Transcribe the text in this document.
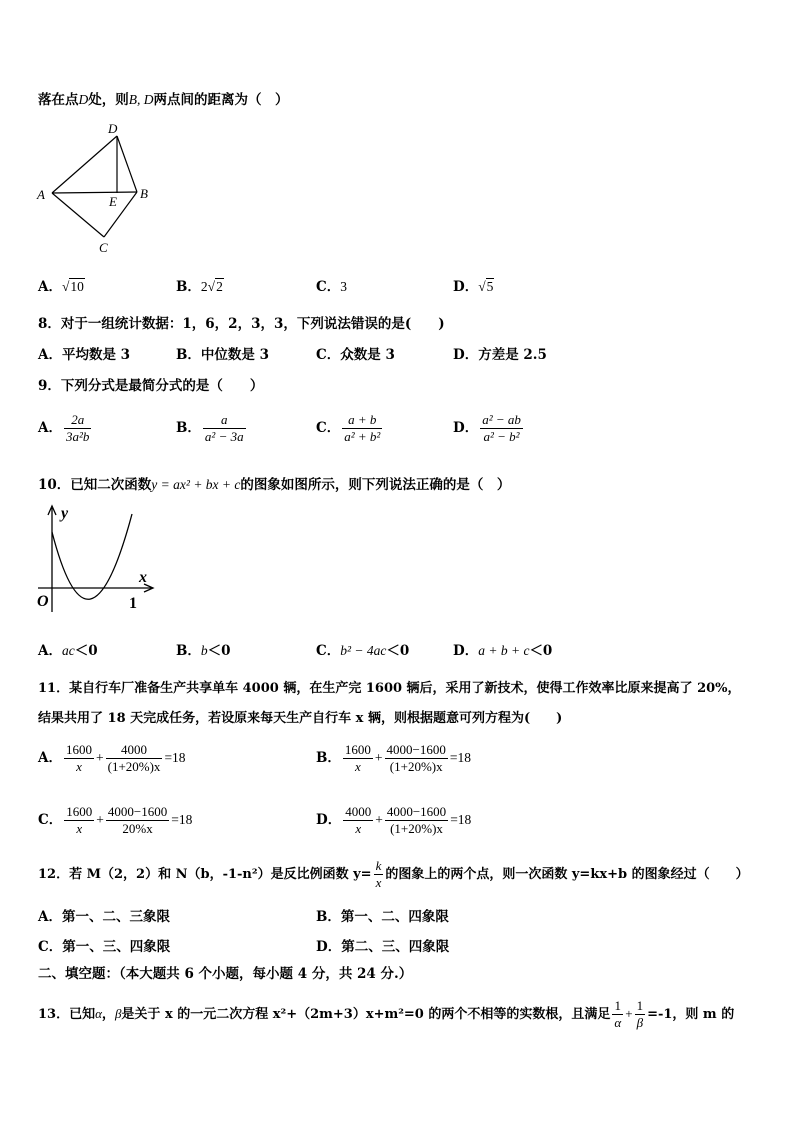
落在点D处，则B, D两点间的距离为（　）
D
A	E
B
C
A．√10	B．2√2	C．3	D．√5
8．对于一组统计数据：1，6，2，3，3，下列说法错误的是(　　)
A．平均数是 3	B．中位数是 3	C．众数是 3	D．方差是 2.5
9．下列分式是最简分式的是（　　）
A． $\frac{2a}{\text{3a²b}}$	B． $\frac{a}{\text{a² − 3a}}$	C． $\frac{a + b}{\text{a² + b²}}$	D． $\frac{\text{a² − ab}}{\text{a² − b²}}$
10．已知二次函数y = ax² + bx + c的图象如图所示，则下列说法正确的是（　）
y
x
O	1
A．ac＜0	B．b＜0	C．b² − 4ac＜0	D．a + b + c＜0
11．某自行车厂准备生产共享单车 4000 辆，在生产完 1600 辆后，采用了新技术，使得工作效率比原来提高了 20%，
结果共用了 18 天完成任务，若设原来每天生产自行车 x 辆，则根据题意可列方程为(　　)
A． $\frac{1600}{x} + \frac{4000}{(1+20\%)x} =18$	B． $\frac{1600}{x} + \frac{4000-1600}{(1+20\%)x} =18$
C． $\frac{1600}{x} + \frac{4000-1600}{20\%x} =18$	D． $\frac{4000}{x} + \frac{4000-1600}{(1+20\%)x} =18$
12．若 M（2，2）和 N（b，-1-n²）是反比例函数 $y= \frac{k}{x}$ 的图象上的两个点，则一次函数 y=kx+b 的图象经过（　　）
A．第一、二、三象限	B．第一、二、四象限
C．第一、三、四象限	D．第二、三、四象限
二、填空题：（本大题共 6 个小题，每小题 4 分，共 24 分.）
13．已知α，β是关于 x 的一元二次方程 x²+（2m+3）x+m²=0 的两个不相等的实数根，且满足 $\frac{1}{\alpha} + \frac{1}{\beta} =-1$，则 m 的
